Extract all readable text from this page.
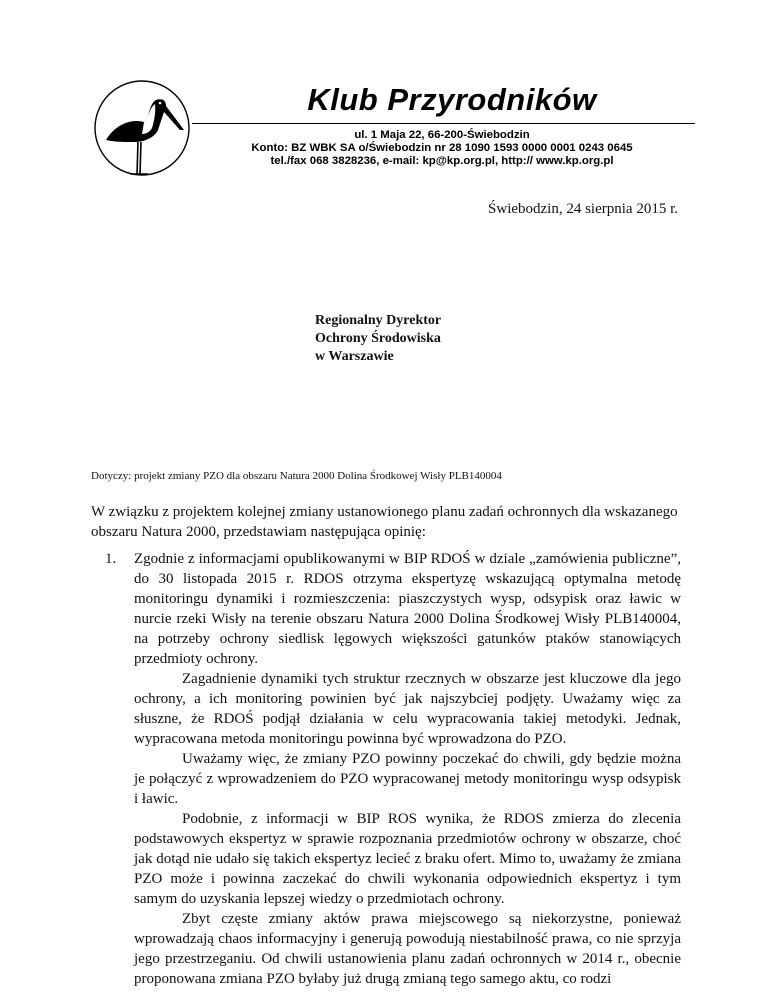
Klub Przyrodników
ul. 1 Maja 22, 66-200-Świebodzin
Konto: BZ WBK SA o/Świebodzin nr 28 1090 1593 0000 0001 0243 0645
tel./fax 068 3828236, e-mail: kp@kp.org.pl, http:// www.kp.org.pl
Świebodzin, 24 sierpnia 2015 r.
Regionalny Dyrektor
Ochrony Środowiska
w Warszawie
Dotyczy: projekt zmiany PZO dla obszaru Natura 2000 Dolina Środkowej Wisły PLB140004

W związku z projektem kolejnej zmiany ustanowionego planu zadań ochronnych dla wskazanego obszaru Natura 2000, przedstawiam następująca opinię:

1. Zgodnie z informacjami opublikowanymi w BIP RDOŚ w dziale „zamówienia publiczne”, do 30 listopada 2015 r. RDOS otrzyma ekspertyzę wskazującą optymalna metodę monitoringu dynamiki i rozmieszczenia: piaszczystych wysp, odsypisk oraz ławic w nurcie rzeki Wisły na terenie obszaru Natura 2000 Dolina Środkowej Wisły PLB140004, na potrzeby ochrony siedlisk lęgowych większości gatunków ptaków stanowiących przedmioty ochrony.

Zagadnienie dynamiki tych struktur rzecznych w obszarze jest kluczowe dla jego ochrony, a ich monitoring powinien być jak najszybciej podjęty. Uważamy więc za słuszne, że RDOŚ podjął działania w celu wypracowania takiej metodyki. Jednak, wypracowana metoda monitoringu powinna być wprowadzona do PZO.

Uważamy więc, że zmiany PZO powinny poczekać do chwili, gdy będzie można je połączyć z wprowadzeniem do PZO wypracowanej metody monitoringu wysp odsypisk i ławic.

Podobnie, z informacji w BIP ROS wynika, że RDOS zmierza do zlecenia podstawowych ekspertyz w sprawie rozpoznania przedmiotów ochrony w obszarze, choć jak dotąd nie udało się takich ekspertyz lecieć z braku ofert. Mimo to, uważamy że zmiana PZO może i powinna zaczekać do chwili wykonania odpowiednich ekspertyz i tym samym do uzyskania lepszej wiedzy o przedmiotach ochrony.

Zbyt częste zmiany aktów prawa miejscowego są niekorzystne, ponieważ wprowadzają chaos informacyjny i generują powodują niestabilność prawa, co nie sprzyja jego przestrzeganiu. Od chwili ustanowienia planu zadań ochronnych w 2014 r., obecnie proponowana zmiana PZO byłaby już drugą zmianą tego samego aktu, co rodzi
